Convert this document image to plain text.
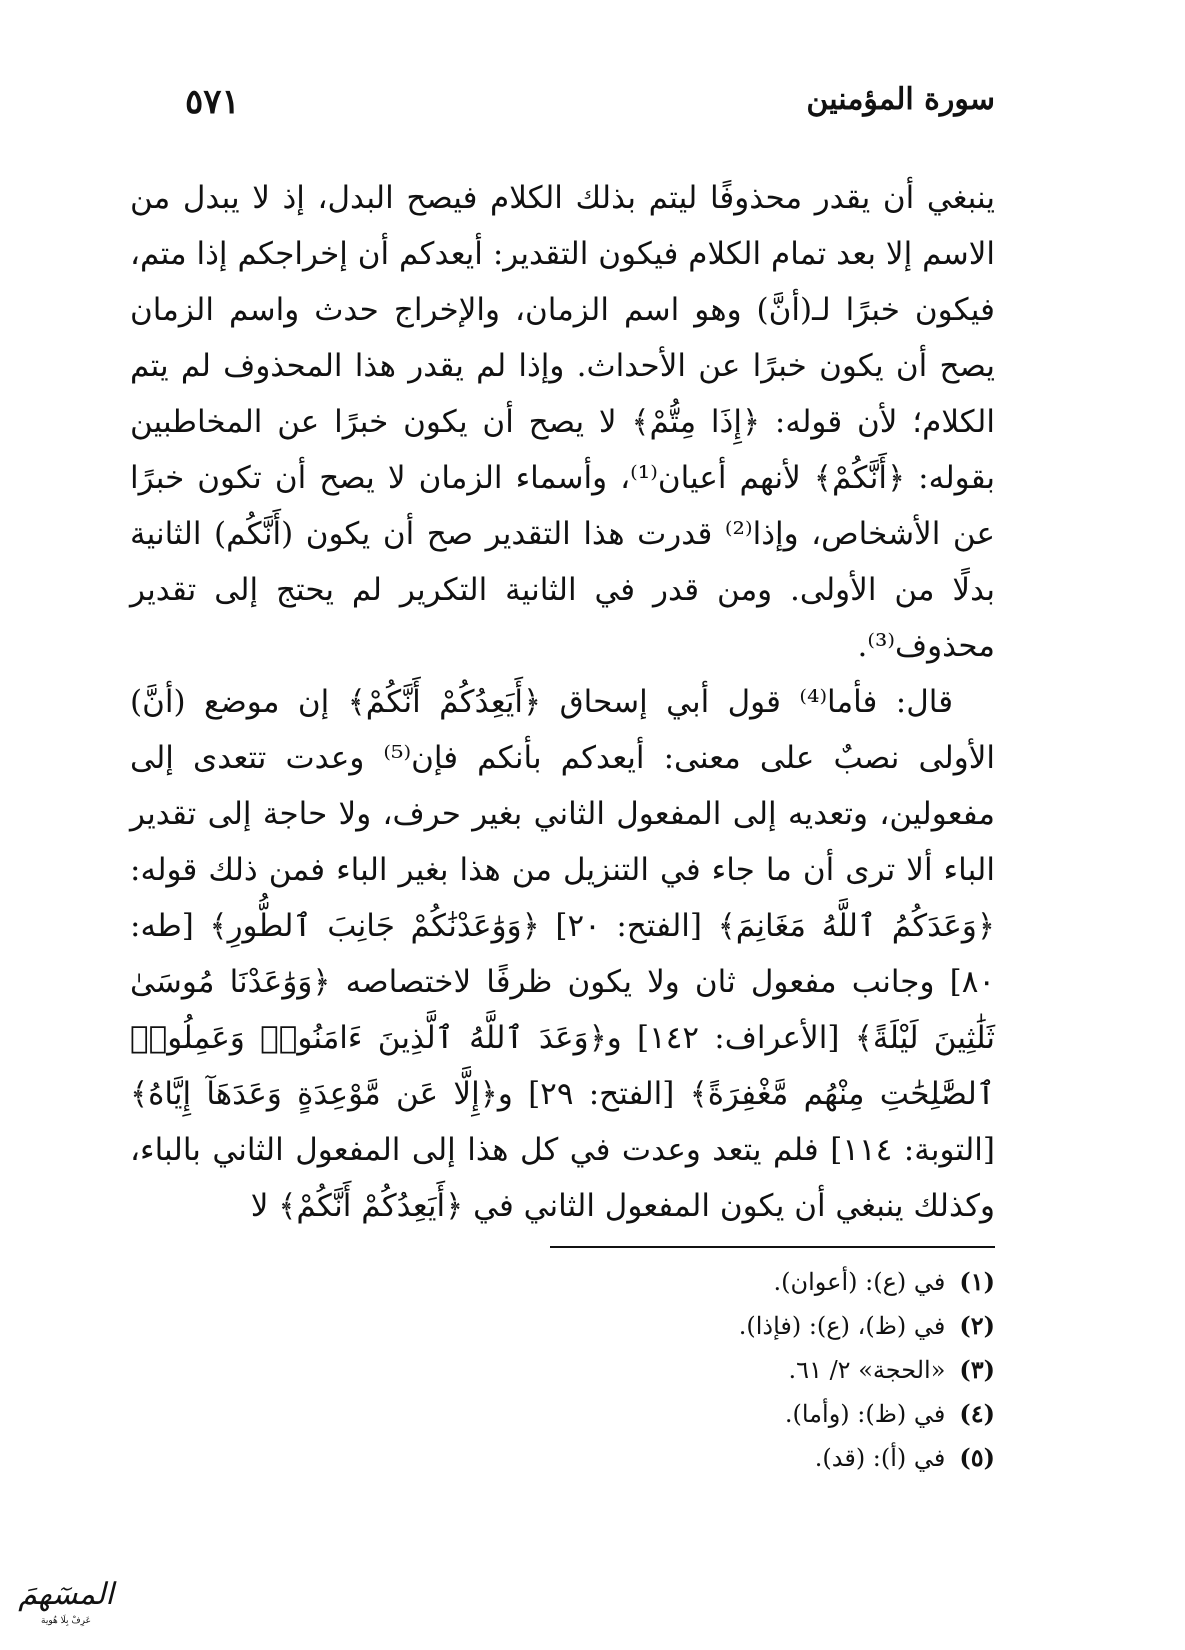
سورة المؤمنين
٥٧١

ينبغي أن يقدر محذوفًا ليتم بذلك الكلام فيصح البدل، إذ لا يبدل من الاسم إلا بعد تمام الكلام فيكون التقدير: أيعدكم أن إخراجكم إذا متم، فيكون خبرًا لـ(أنَّ) وهو اسم الزمان، والإخراج حدث واسم الزمان يصح أن يكون خبرًا عن الأحداث. وإذا لم يقدر هذا المحذوف لم يتم الكلام؛ لأن قوله: ﴿إِذَا مِتُّمْ﴾ لا يصح أن يكون خبرًا عن المخاطبين بقوله: ﴿أَنَّكُمْ﴾ لأنهم أعيان⁽¹⁾، وأسماء الزمان لا يصح أن تكون خبرًا عن الأشخاص، وإذا⁽²⁾ قدرت هذا التقدير صح أن يكون (أَنَّكُم) الثانية بدلًا من الأولى. ومن قدر في الثانية التكرير لم يحتج إلى تقدير محذوف⁽³⁾.

قال: فأما⁽⁴⁾ قول أبي إسحاق ﴿أَيَعِدُكُمْ أَنَّكُمْ﴾ إن موضع (أنَّ) الأولى نصبٌ على معنى: أيعدكم بأنكم فإن⁽⁵⁾ وعدت تتعدى إلى مفعولين، وتعديه إلى المفعول الثاني بغير حرف، ولا حاجة إلى تقدير الباء ألا ترى أن ما جاء في التنزيل من هذا بغير الباء فمن ذلك قوله: ﴿وَعَدَكُمُ ٱللَّهُ مَغَانِمَ﴾ [الفتح: ٢٠] ﴿وَوَٰعَدْنَٰكُمْ جَانِبَ ٱلطُّورِ﴾ [طه: ٨٠] وجانب مفعول ثان ولا يكون ظرفًا لاختصاصه ﴿وَوَٰعَدْنَا مُوسَىٰ ثَلَٰثِينَ لَيْلَةً﴾ [الأعراف: ١٤٢] و﴿وَعَدَ ٱللَّهُ ٱلَّذِينَ ءَامَنُوا۟ وَعَمِلُوا۟ ٱلصَّٰلِحَٰتِ مِنْهُم مَّغْفِرَةً﴾ [الفتح: ٢٩] و﴿إِلَّا عَن مَّوْعِدَةٍ وَعَدَهَآ إِيَّاهُ﴾ [التوبة: ١١٤] فلم يتعد وعدت في كل هذا إلى المفعول الثاني بالباء، وكذلك ينبغي أن يكون المفعول الثاني في ﴿أَيَعِدُكُمْ أَنَّكُمْ﴾ لا

(١)في (ع): (أعوان).
(٢)في (ظ)، (ع): (فإذا).
(٣)«الحجة» ٢/ ٦١.
(٤)في (ظ): (وأما).
(٥)في (أ): (قد).
المسٓهمَ
عَرِفْ بِلَا هُوية
